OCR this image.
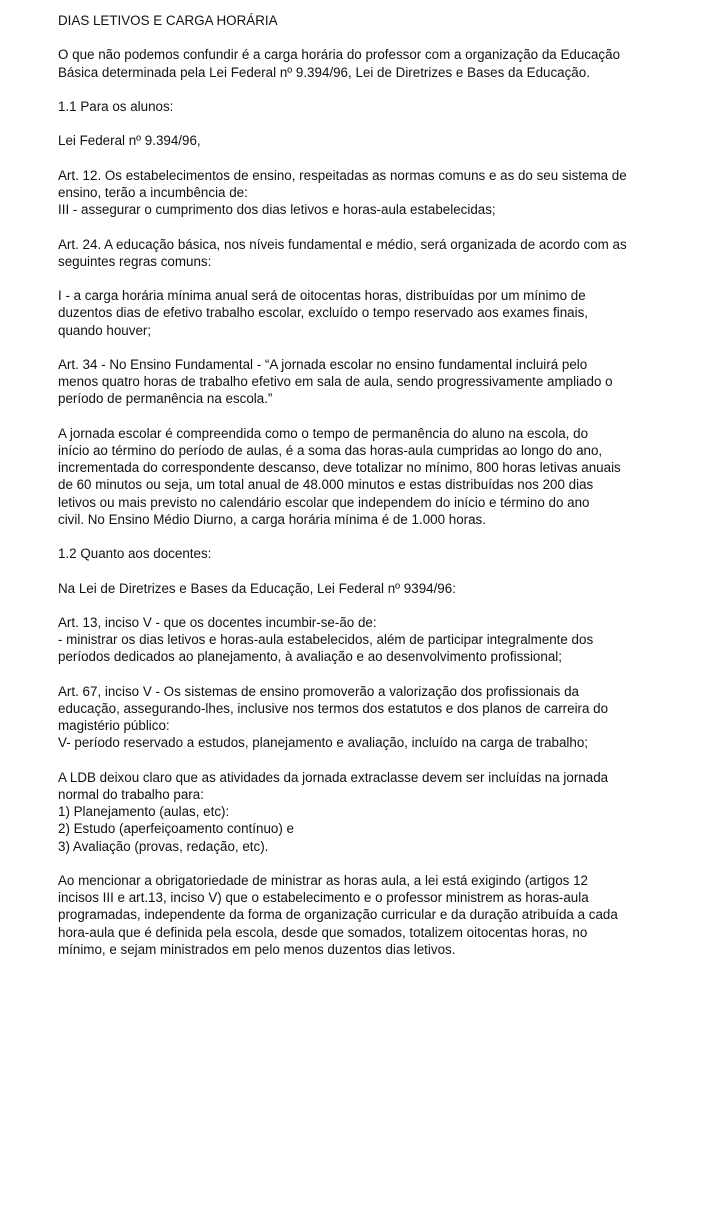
DIAS LETIVOS E CARGA HORÁRIA

O que não podemos confundir é a carga horária do professor com a organização da Educação
Básica determinada pela Lei Federal nº 9.394/96, Lei de Diretrizes e Bases da Educação.

1.1 Para os alunos:

Lei Federal nº 9.394/96,

Art. 12. Os estabelecimentos de ensino, respeitadas as normas comuns e as do seu sistema de
ensino, terão a incumbência de:
III - assegurar o cumprimento dos dias letivos e horas-aula estabelecidas;

Art. 24. A educação básica, nos níveis fundamental e médio, será organizada de acordo com as
seguintes regras comuns:

I - a carga horária mínima anual será de oitocentas horas, distribuídas por um mínimo de
duzentos dias de efetivo trabalho escolar, excluído o tempo reservado aos exames finais,
quando houver;

Art. 34 - No Ensino Fundamental - “A jornada escolar no ensino fundamental incluirá pelo
menos quatro horas de trabalho efetivo em sala de aula, sendo progressivamente ampliado o
período de permanência na escola.”

A jornada escolar é compreendida como o tempo de permanência do aluno na escola, do
início ao término do período de aulas, é a soma das horas-aula cumpridas ao longo do ano,
incrementada do correspondente descanso, deve totalizar no mínimo, 800 horas letivas anuais
de 60 minutos ou seja, um total anual de 48.000 minutos e estas distribuídas nos 200 dias
letivos ou mais previsto no calendário escolar que independem do início e término do ano
civil. No Ensino Médio Diurno, a carga horária mínima é de 1.000 horas.

1.2 Quanto aos docentes:

Na Lei de Diretrizes e Bases da Educação, Lei Federal nº 9394/96:

Art. 13, inciso V - que os docentes incumbir-se-ão de:
- ministrar os dias letivos e horas-aula estabelecidos, além de participar integralmente dos
períodos dedicados ao planejamento, à avaliação e ao desenvolvimento profissional;

Art. 67, inciso V - Os sistemas de ensino promoverão a valorização dos profissionais da
educação, assegurando-lhes, inclusive nos termos dos estatutos e dos planos de carreira do
magistério público:
V- período reservado a estudos, planejamento e avaliação, incluído na carga de trabalho;

A LDB deixou claro que as atividades da jornada extraclasse devem ser incluídas na jornada
normal do trabalho para:
1) Planejamento (aulas, etc):
2) Estudo (aperfeiçoamento contínuo) e
3) Avaliação (provas, redação, etc).

Ao mencionar a obrigatoriedade de ministrar as horas aula, a lei está exigindo (artigos 12
incisos III e art.13, inciso V) que o estabelecimento e o professor ministrem as horas-aula
programadas, independente da forma de organização curricular e da duração atribuída a cada
hora-aula que é definida pela escola, desde que somados, totalizem oitocentas horas, no
mínimo, e sejam ministrados em pelo menos duzentos dias letivos.
